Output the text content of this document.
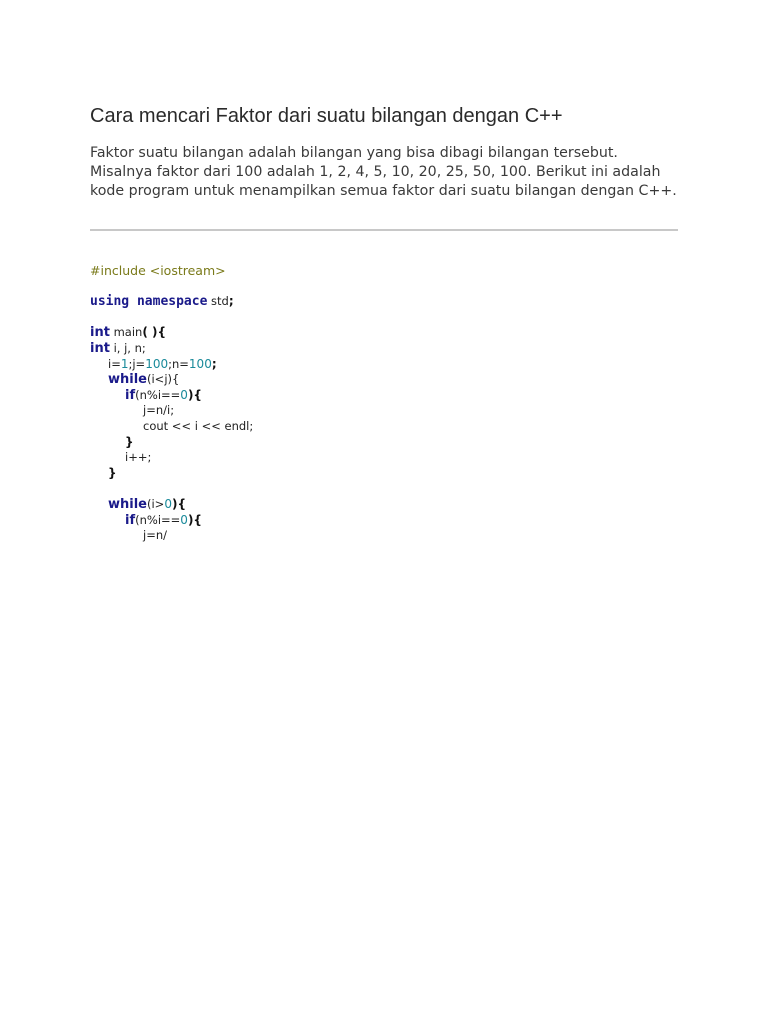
Cara mencari Faktor dari suatu bilangan dengan C++

Faktor suatu bilangan adalah bilangan yang bisa dibagi bilangan tersebut. Misalnya faktor dari 100 adalah 1, 2, 4, 5, 10, 20, 25, 50, 100. Berikut ini adalah kode program untuk menampilkan semua faktor dari suatu bilangan dengan C++.

#include <iostream>
using namespace std;
int main( ){
int i, j, n;
i=1;j=100;n=100;
while(i<j){
if(n%i==0){
j=n/i;
cout << i << endl;
}
i++;
}
while(i>0){
if(n%i==0){
j=n/
